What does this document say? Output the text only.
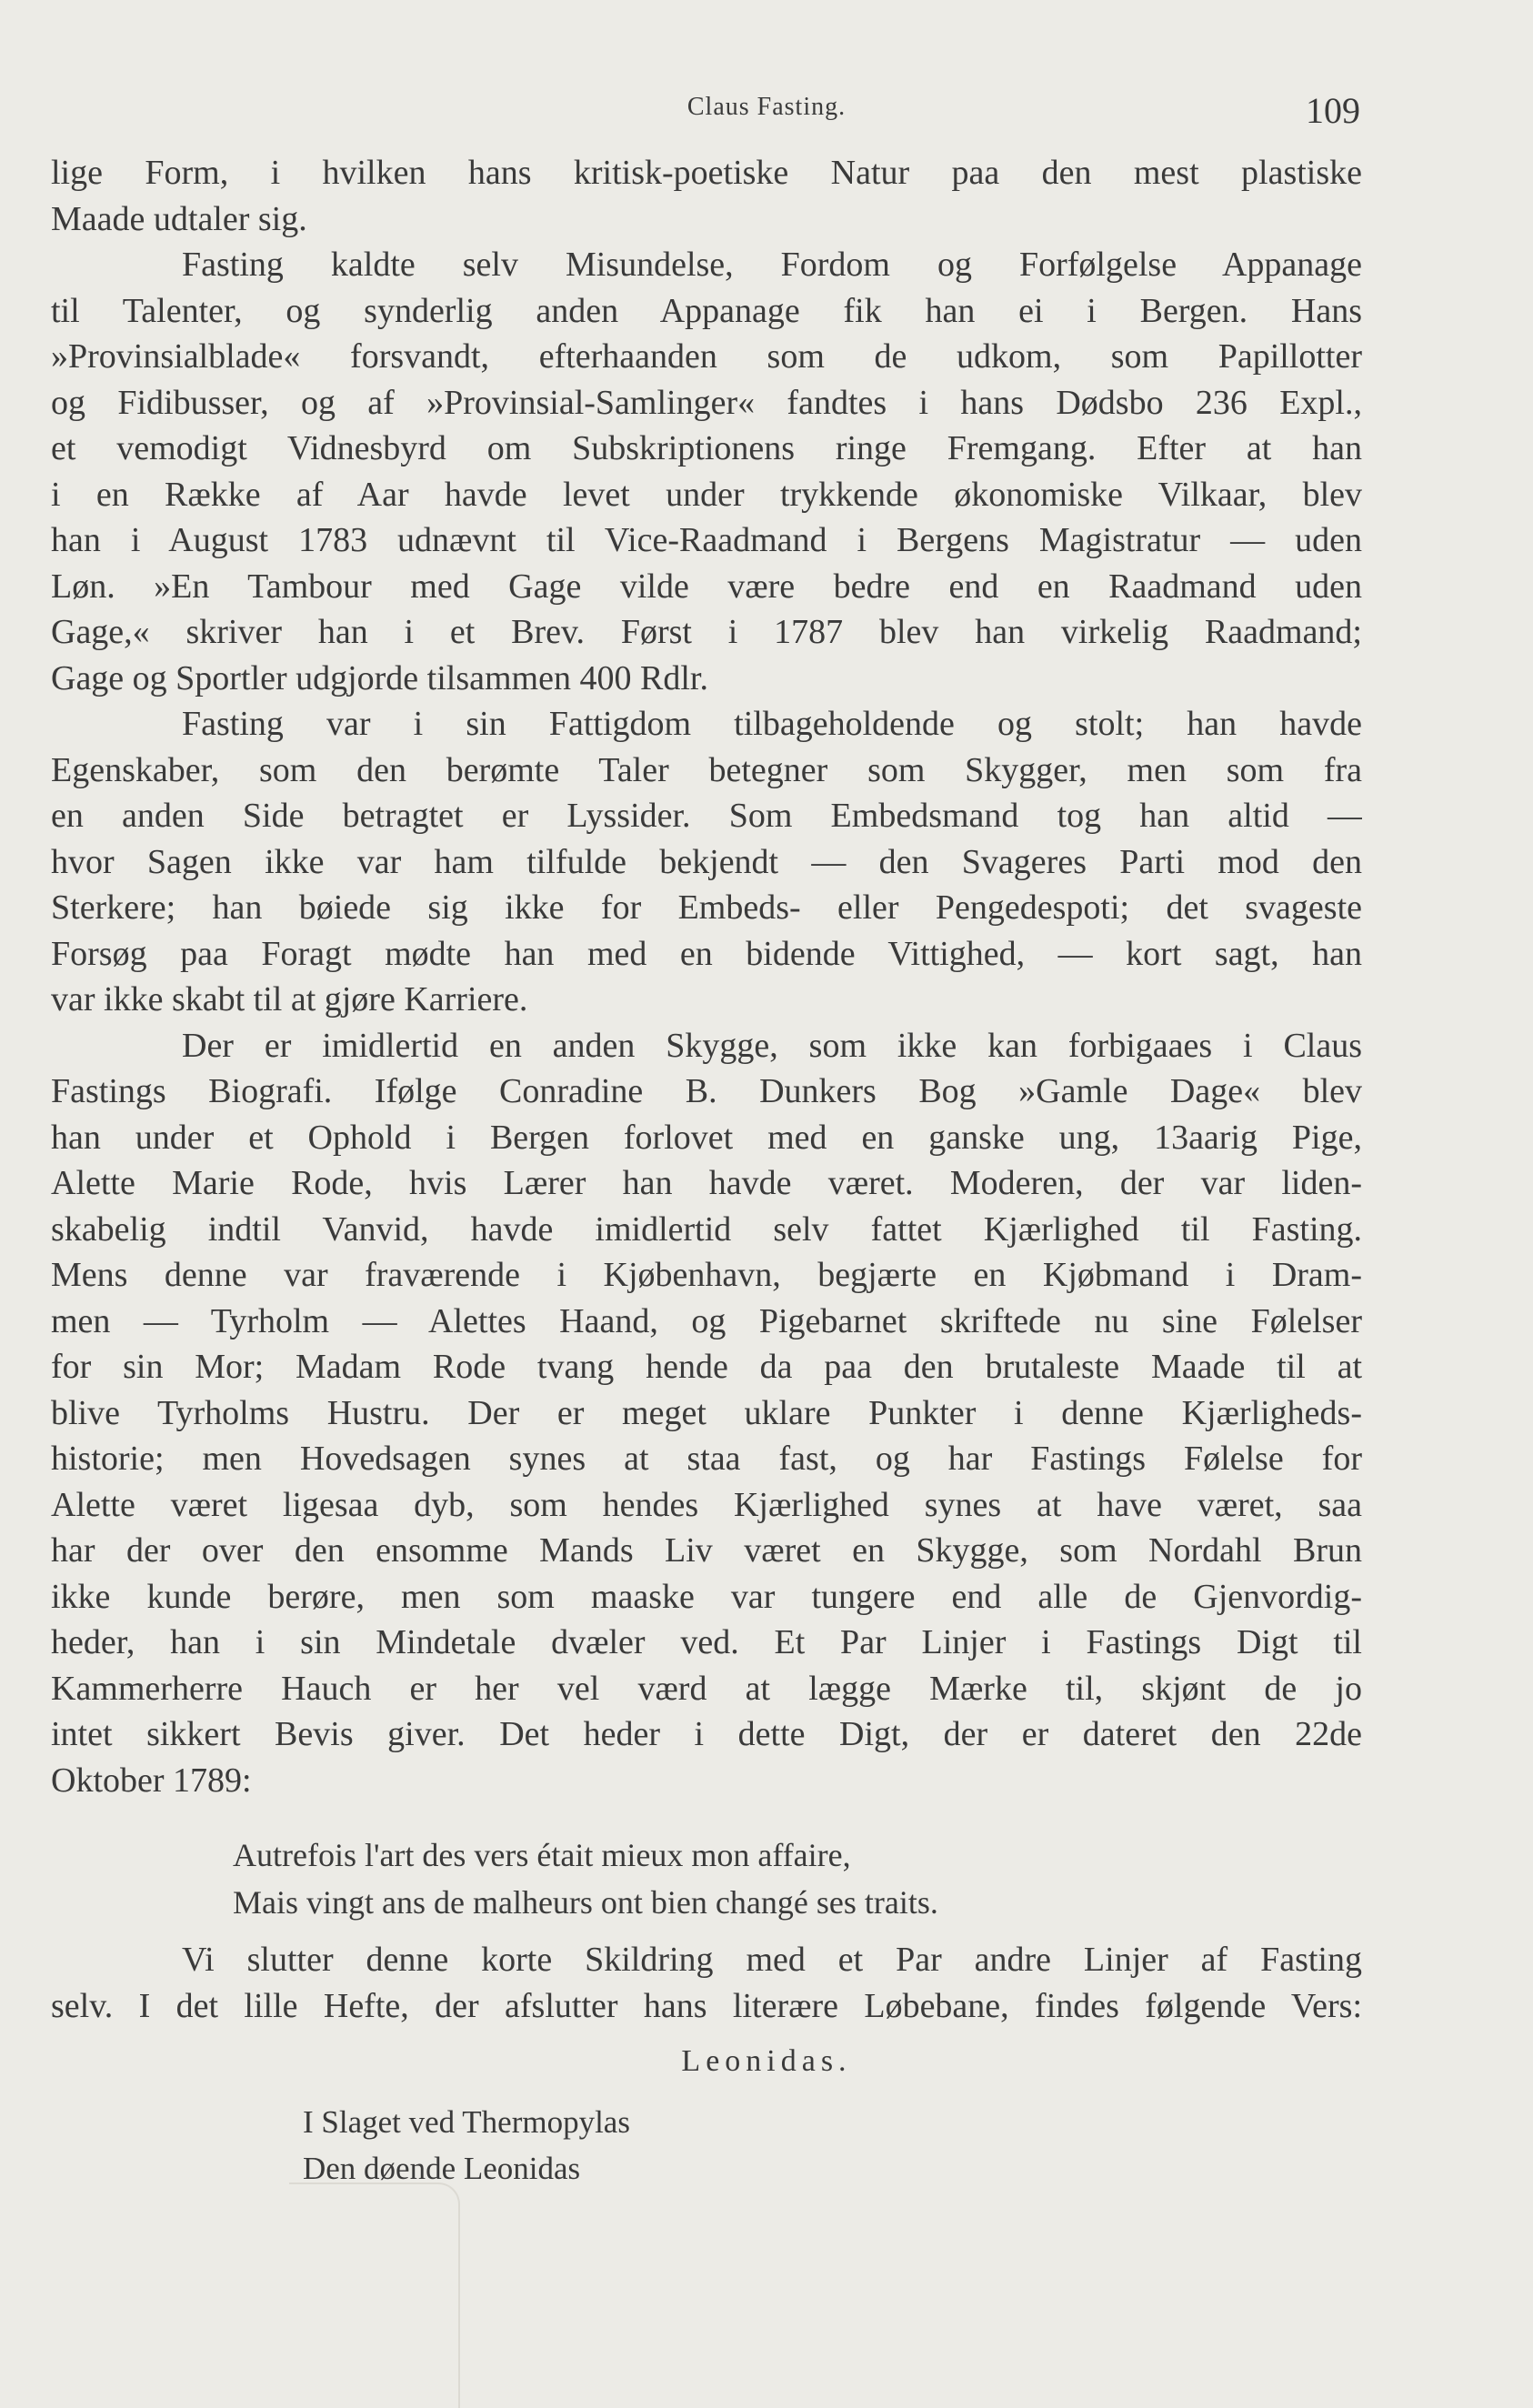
Claus Fasting.	109
lige Form, i hvilken hans kritisk-poetiske Natur paa den mest plastiske
Maade udtaler sig.
Fasting kaldte selv Misundelse, Fordom og Forfølgelse Appanage
til Talenter, og synderlig anden Appanage fik han ei i Bergen. Hans
»Provinsialblade« forsvandt, efterhaanden som de udkom, som Papillotter
og Fidibusser, og af »Provinsial-Samlinger« fandtes i hans Dødsbo 236 Expl.,
et vemodigt Vidnesbyrd om Subskriptionens ringe Fremgang. Efter at han
i en Række af Aar havde levet under trykkende økonomiske Vilkaar, blev
han i August 1783 udnævnt til Vice-Raadmand i Bergens Magistratur — uden
Løn. »En Tambour med Gage vilde være bedre end en Raadmand uden
Gage,« skriver han i et Brev. Først i 1787 blev han virkelig Raadmand;
Gage og Sportler udgjorde tilsammen 400 Rdlr.
Fasting var i sin Fattigdom tilbageholdende og stolt; han havde
Egenskaber, som den berømte Taler betegner som Skygger, men som fra
en anden Side betragtet er Lyssider. Som Embedsmand tog han altid —
hvor Sagen ikke var ham tilfulde bekjendt — den Svageres Parti mod den
Sterkere; han bøiede sig ikke for Embeds- eller Pengedespoti; det svageste
Forsøg paa Foragt mødte han med en bidende Vittighed, — kort sagt, han
var ikke skabt til at gjøre Karriere.
Der er imidlertid en anden Skygge, som ikke kan forbigaaes i Claus
Fastings Biografi. Ifølge Conradine B. Dunkers Bog »Gamle Dage« blev
han under et Ophold i Bergen forlovet med en ganske ung, 13aarig Pige,
Alette Marie Rode, hvis Lærer han havde været. Moderen, der var liden-
skabelig indtil Vanvid, havde imidlertid selv fattet Kjærlighed til Fasting.
Mens denne var fraværende i Kjøbenhavn, begjærte en Kjøbmand i Dram-
men — Tyrholm — Alettes Haand, og Pigebarnet skriftede nu sine Følelser
for sin Mor; Madam Rode tvang hende da paa den brutaleste Maade til at
blive Tyrholms Hustru. Der er meget uklare Punkter i denne Kjærligheds-
historie; men Hovedsagen synes at staa fast, og har Fastings Følelse for
Alette været ligesaa dyb, som hendes Kjærlighed synes at have været, saa
har der over den ensomme Mands Liv været en Skygge, som Nordahl Brun
ikke kunde berøre, men som maaske var tungere end alle de Gjenvordig-
heder, han i sin Mindetale dvæler ved. Et Par Linjer i Fastings Digt til
Kammerherre Hauch er her vel værd at lægge Mærke til, skjønt de jo
intet sikkert Bevis giver. Det heder i dette Digt, der er dateret den 22de
Oktober 1789:
Autrefois l'art des vers était mieux mon affaire,
Mais vingt ans de malheurs ont bien changé ses traits.
Vi slutter denne korte Skildring med et Par andre Linjer af Fasting
selv. I det lille Hefte, der afslutter hans literære Løbebane, findes følgende Vers:
Leonidas.
I Slaget ved Thermopylas
Den døende Leonidas
